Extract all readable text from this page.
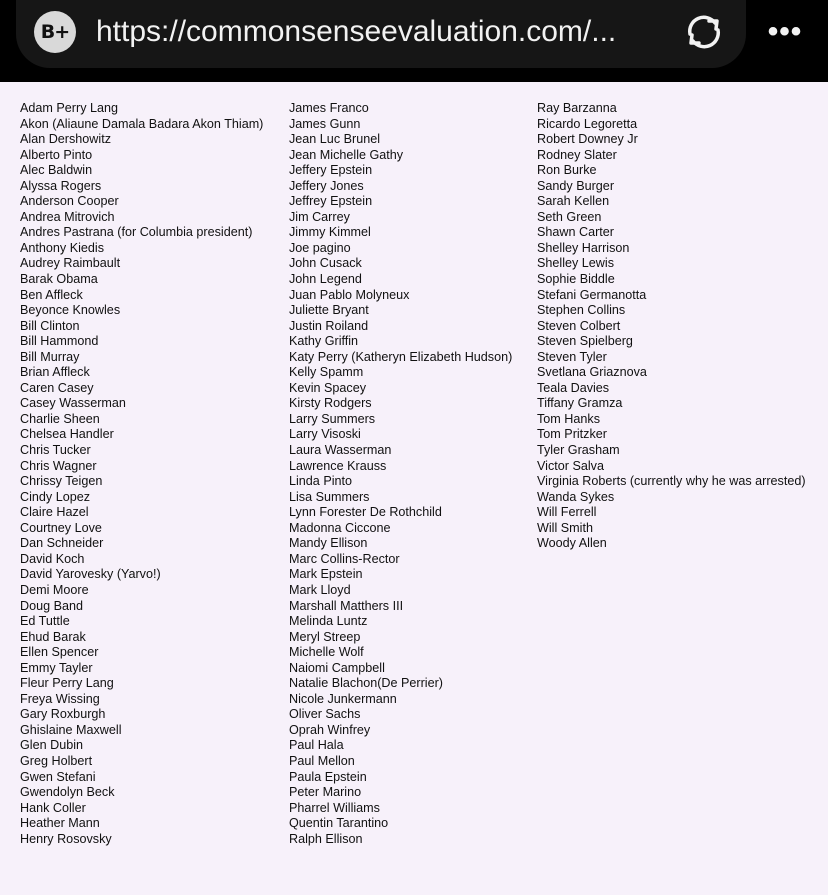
B+ https://commonsenseevaluation.com/...	•••
Adam Perry Lang
Akon (Aliaune Damala Badara Akon Thiam)
Alan Dershowitz
Alberto Pinto
Alec Baldwin
Alyssa Rogers
Anderson Cooper
Andrea Mitrovich
Andres Pastrana (for Columbia president)
Anthony Kiedis
Audrey Raimbault
Barak Obama
Ben Affleck
Beyonce Knowles
Bill Clinton
Bill Hammond
Bill Murray
Brian Affleck
Caren Casey
Casey Wasserman
Charlie Sheen
Chelsea Handler
Chris Tucker
Chris Wagner
Chrissy Teigen
Cindy Lopez
Claire Hazel
Courtney Love
Dan Schneider
David Koch
David Yarovesky (Yarvo!)
Demi Moore
Doug Band
Ed Tuttle
Ehud Barak
Ellen Spencer
Emmy Tayler
Fleur Perry Lang
Freya Wissing
Gary Roxburgh
Ghislaine Maxwell
Glen Dubin
Greg Holbert
Gwen Stefani
Gwendolyn Beck
Hank Coller
Heather Mann
Henry Rosovsky
James Franco
James Gunn
Jean Luc Brunel
Jean Michelle Gathy
Jeffery Epstein
Jeffery Jones
Jeffrey Epstein
Jim Carrey
Jimmy Kimmel
Joe pagino
John Cusack
John Legend
Juan Pablo Molyneux
Juliette Bryant
Justin Roiland
Kathy Griffin
Katy Perry (Katheryn Elizabeth Hudson)
Kelly Spamm
Kevin Spacey
Kirsty Rodgers
Larry Summers
Larry Visoski
Laura Wasserman
Lawrence Krauss
Linda Pinto
Lisa Summers
Lynn Forester De Rothchild
Madonna Ciccone
Mandy Ellison
Marc Collins-Rector
Mark Epstein
Mark Lloyd
Marshall Matthers III
Melinda Luntz
Meryl Streep
Michelle Wolf
Naiomi Campbell
Natalie Blachon(De Perrier)
Nicole Junkermann
Oliver Sachs
Oprah Winfrey
Paul Hala
Paul Mellon
Paula Epstein
Peter Marino
Pharrel Williams
Quentin Tarantino
Ralph Ellison
Ray Barzanna
Ricardo Legoretta
Robert Downey Jr
Rodney Slater
Ron Burke
Sandy Burger
Sarah Kellen
Seth Green
Shawn Carter
Shelley Harrison
Shelley Lewis
Sophie Biddle
Stefani Germanotta
Stephen Collins
Steven Colbert
Steven Spielberg
Steven Tyler
Svetlana Griaznova
Teala Davies
Tiffany Gramza
Tom Hanks
Tom Pritzker
Tyler Grasham
Victor Salva
Virginia Roberts (currently why he was arrested)
Wanda Sykes
Will Ferrell
Will Smith
Woody Allen
